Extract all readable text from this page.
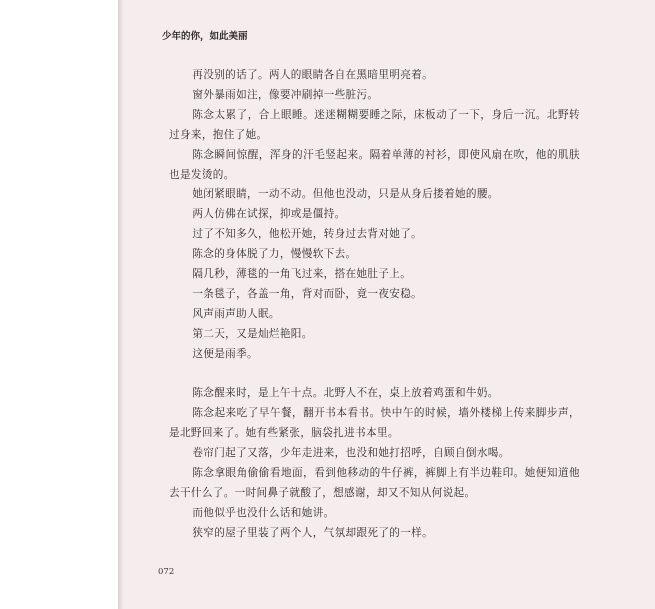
少年的你，如此美丽

再没别的话了。两人的眼睛各自在黑暗里明亮着。

窗外暴雨如注，像要冲刷掉一些脏污。

陈念太累了，合上眼睡。迷迷糊糊要睡之际，床板动了一下，身后一沉。北野转过身来，抱住了她。

陈念瞬间惊醒，浑身的汗毛竖起来。隔着单薄的衬衫，即使风扇在吹，他的肌肤也是发烫的。

她闭紧眼睛，一动不动。但他也没动，只是从身后搂着她的腰。

两人仿佛在试探，抑或是僵持。

过了不知多久，他松开她，转身过去背对她了。

陈念的身体脱了力，慢慢软下去。

隔几秒，薄毯的一角飞过来，搭在她肚子上。

一条毯子，各盖一角，背对而卧，竟一夜安稳。

风声雨声助人眠。

第二天，又是灿烂艳阳。

这便是雨季。

陈念醒来时，是上午十点。北野人不在，桌上放着鸡蛋和牛奶。

陈念起来吃了早午餐，翻开书本看书。快中午的时候，墙外楼梯上传来脚步声，是北野回来了。她有些紧张，脑袋扎进书本里。

卷帘门起了又落，少年走进来，也没和她打招呼，自顾自倒水喝。

陈念拿眼角偷偷看地面，看到他移动的牛仔裤，裤脚上有半边鞋印。她便知道他去干什么了。一时间鼻子就酸了，想感谢，却又不知从何说起。

而他似乎也没什么话和她讲。

狭窄的屋子里装了两个人，气氛却跟死了的一样。

072
